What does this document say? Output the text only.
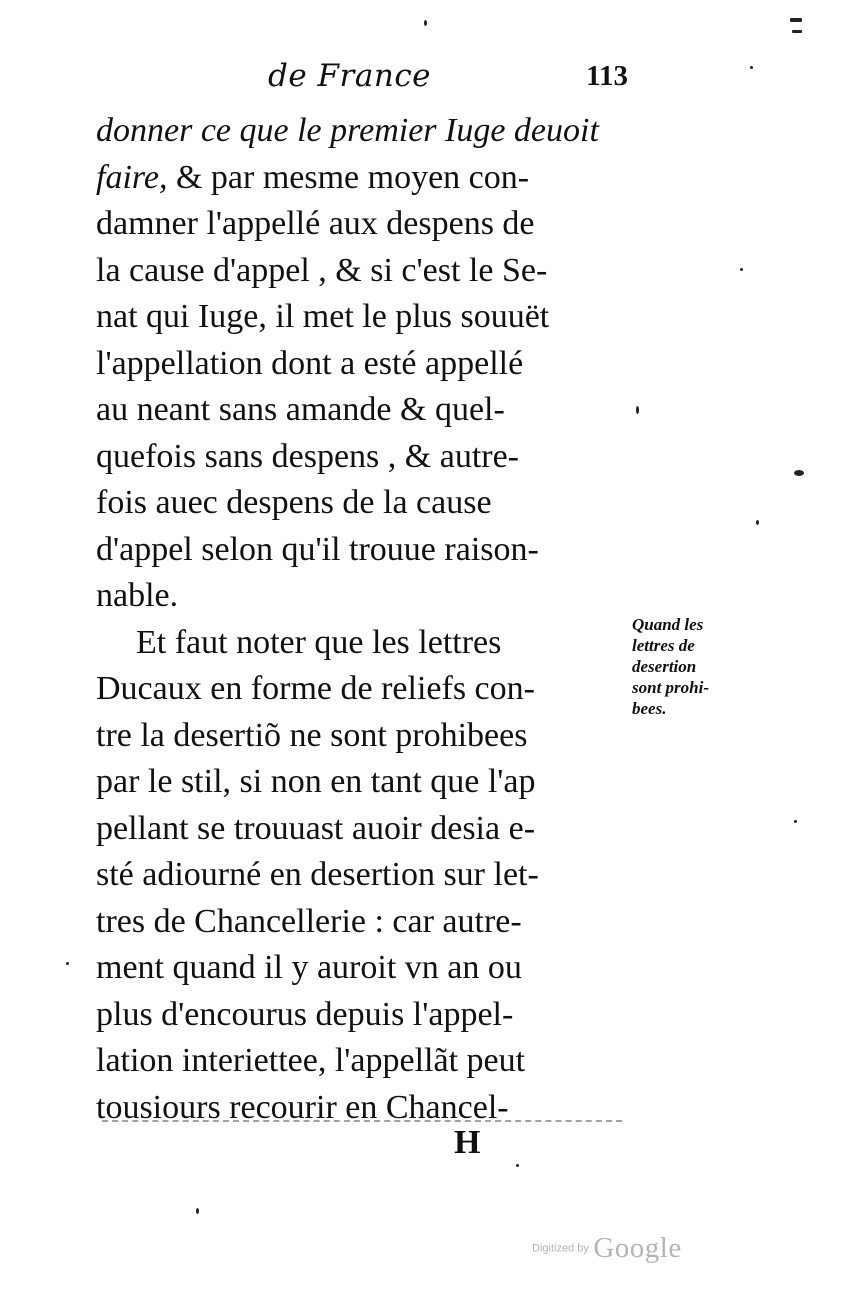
de France	113
donner ce que le premier Iuge deuoit
faire, & par mesme moyen con-
damner l'appellé aux despens de
la cause d'appel , & si c'est le Se-
nat qui Iuge, il met le plus souuët
l'appellation dont a esté appellé
au neant sans amande & quel-
quefois sans despens , & autre-
fois auec despens de la cause
d'appel selon qu'il trouue raison-
nable.
Et faut noter que les lettres
Ducaux en forme de reliefs con-
tre la desertiõ ne sont prohibees
par le stil, si non en tant que l'ap
pellant se trouuast auoir desia e-
sté adiourné en desertion sur let-
tres de Chancellerie : car autre-
ment quand il y auroit vn an ou
plus d'encourus depuis l'appel-
lation interiettee, l'appellãt peut
tousiours recourir en Chancel-
Quand les
lettres de
desertion
sont prohi-
bees.
H
Digitized by Google
